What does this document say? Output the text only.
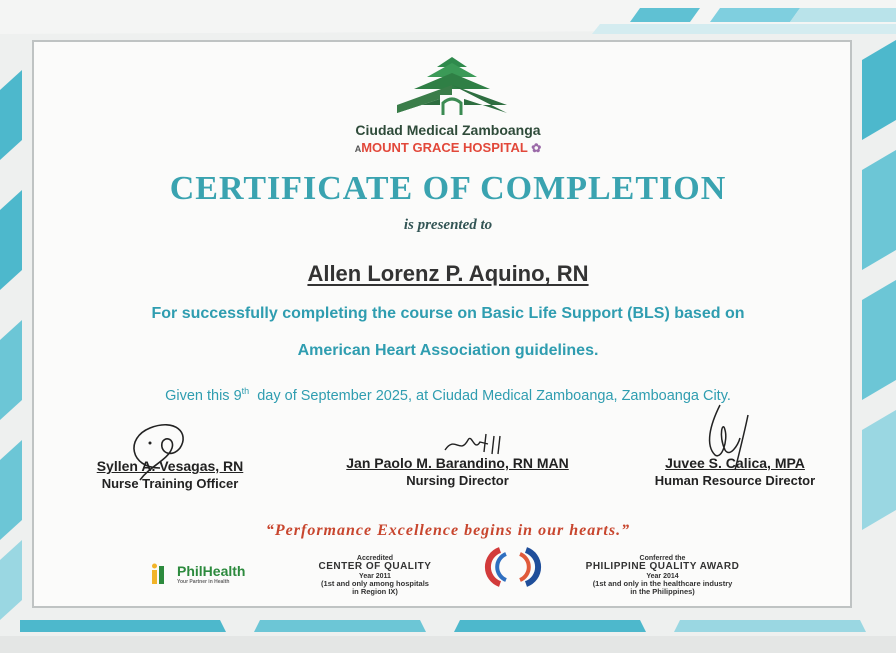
Ciudad Medical Zamboanga
AMOUNT GRACE HOSPITAL ✿
CERTIFICATE OF COMPLETION
is presented to
Allen Lorenz P. Aquino, RN
For successfully completing the course on Basic Life Support (BLS) based on
American Heart Association guidelines.
Given this 9th  day of September 2025, at Ciudad Medical Zamboanga, Zamboanga City.
Syllen A. Vesagas, RN
Nurse Training Officer
Jan Paolo M. Barandino, RN MAN
Nursing Director
Juvee S. Calica, MPA
Human Resource Director
“Performance Excellence begins in our hearts.”
PhilHealth
Your Partner in Health
Accredited
CENTER OF QUALITY
Year 2011
(1st and only among hospitals
in Region IX)
Conferred the
PHILIPPINE QUALITY AWARD
Year 2014
(1st and only in the healthcare industry
in the Philippines)
